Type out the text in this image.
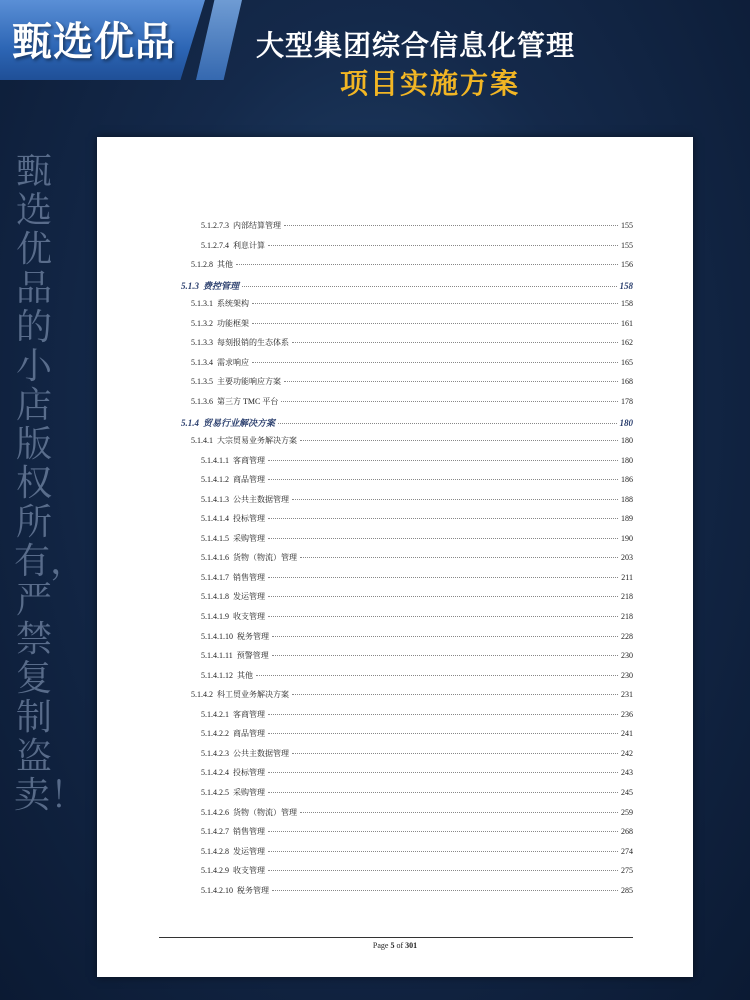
甄选优品	大型集团综合信息化管理
项目实施方案
甄选优品的小店版权所有，严禁复制盗卖！
5.1.2.7.3 内部结算管理	155
5.1.2.7.4 利息计算	155
5.1.2.8 其他	156
5.1.3 费控管理	158
5.1.3.1 系统架构	158
5.1.3.2 功能框架	161
5.1.3.3 每刻报销的生态体系	162
5.1.3.4 需求响应	165
5.1.3.5 主要功能响应方案	168
5.1.3.6 第三方 TMC 平台	178
5.1.4 贸易行业解决方案	180
5.1.4.1 大宗贸易业务解决方案	180
5.1.4.1.1 客商管理	180
5.1.4.1.2 商品管理	186
5.1.4.1.3 公共主数据管理	188
5.1.4.1.4 投标管理	189
5.1.4.1.5 采购管理	190
5.1.4.1.6 货物（物流）管理	203
5.1.4.1.7 销售管理	211
5.1.4.1.8 发运管理	218
5.1.4.1.9 收支管理	218
5.1.4.1.10 税务管理	228
5.1.4.1.11 预警管理	230
5.1.4.1.12 其他	230
5.1.4.2 科工贸业务解决方案	231
5.1.4.2.1 客商管理	236
5.1.4.2.2 商品管理	241
5.1.4.2.3 公共主数据管理	242
5.1.4.2.4 投标管理	243
5.1.4.2.5 采购管理	245
5.1.4.2.6 货物（物流）管理	259
5.1.4.2.7 销售管理	268
5.1.4.2.8 发运管理	274
5.1.4.2.9 收支管理	275
5.1.4.2.10 税务管理	285
Page 5 of 301
